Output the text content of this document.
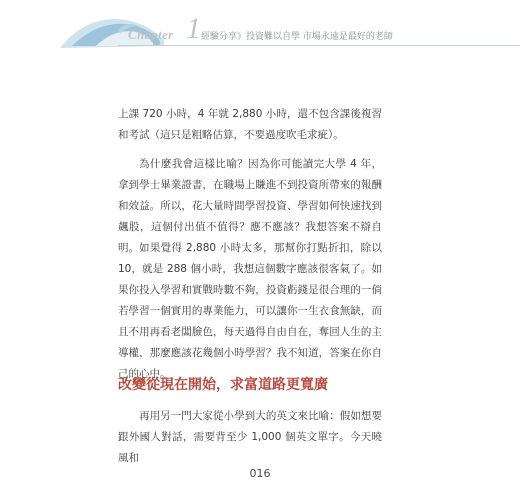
Chapter 1 經驗分享》投資難以自學 市場永遠是最好的老師

上課 720 小時，4 年就 2,880 小時，還不包含課後複習和考試（這只是粗略估算，不要過度吹毛求疵）。

為什麼我會這樣比喻？因為你可能讀完大學 4 年，拿到學士畢業證書，在職場上賺進不到投資所帶來的報酬和效益。所以，花大量時間學習投資、學習如何快速找到飆股，這個付出值不值得？應不應該？我想答案不辯自明。 如果覺得 2,880 小時太多，那幫你打點折扣，除以 10，就是 288 個小時，我想這個數字應該很客氣了。如果你投入學習和實戰時數不夠，投資虧錢是很合理的一倘若學習一個實用的專業能力，可以讓你一生衣食無缺，而且不用再看老闆臉色，每天過得自由自在，奪回人生的主導權，那麼應該花幾個小時學習？我不知道，答案在你自己的心中。

改變從現在開始，求富道路更寬廣

再用另一門大家從小學到大的英文來比喻：假如想要跟外國人對話，需要背至少 1,000 個英文單字。今天曉風和

016
